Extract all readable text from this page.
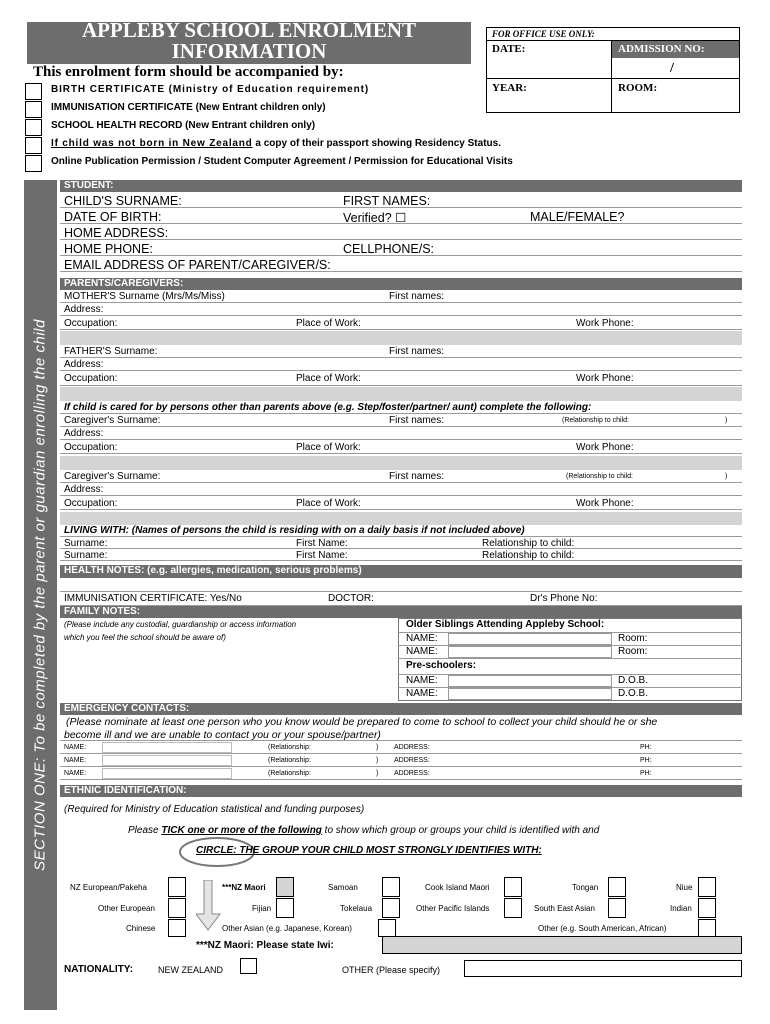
APPLEBY SCHOOL ENROLMENT
INFORMATION
This enrolment form should be accompanied by:
BIRTH CERTIFICATE (Ministry of Education requirement)
IMMUNISATION CERTIFICATE (New Entrant children only)
SCHOOL HEALTH RECORD (New Entrant children only)
If child was not born in New Zealand a copy of their passport showing Residency Status.
Online Publication Permission / Student Computer Agreement / Permission for Educational Visits
FOR OFFICE USE ONLY:
DATE:	ADMISSION NO:
/
YEAR:	ROOM:
SECTION ONE: To be completed by the parent or guardian enrolling the child
STUDENT:
CHILD'S SURNAME:	FIRST NAMES:
DATE OF BIRTH:	Verified? ☐	MALE/FEMALE?
HOME ADDRESS:
HOME PHONE:	CELLPHONE/S:
EMAIL ADDRESS OF PARENT/CAREGIVER/S:
PARENTS/CAREGIVERS:
MOTHER'S Surname (Mrs/Ms/Miss)	First names:
Address:
Occupation:	Place of Work:	Work Phone:
FATHER'S Surname:	First names:
Address:
Occupation:	Place of Work:	Work Phone:
If child is cared for by persons other than parents above (e.g. Step/foster/partner/ aunt) complete the following:
Caregiver's Surname:	First names:	(Relationship to child:	)
Address:
Occupation:	Place of Work:	Work Phone:
Caregiver's Surname:	First names:	(Relationship to child:	)
Address:
Occupation:	Place of Work:	Work Phone:
LIVING WITH: (Names of persons the child is residing with on a daily basis if not included above)
Surname:	First Name:	Relationship to child:
Surname:	First Name:	Relationship to child:
HEALTH NOTES: (e.g. allergies, medication, serious problems)
IMMUNISATION CERTIFICATE: Yes/No	DOCTOR:	Dr's Phone No:
FAMILY NOTES:
(Please include any custodial, guardianship or access information
which you feel the school should be aware of)
Older Siblings Attending Appleby School:
NAME:	Room:
NAME:	Room:
Pre-schoolers:
NAME:	D.O.B.
NAME:	D.O.B.
EMERGENCY CONTACTS:
(Please nominate at least one person who you know would be prepared to come to school to collect your child should he or she
become ill and we are unable to contact you or your spouse/partner)
NAME:	(Relationship:	) ADDRESS:	PH:
NAME:	(Relationship:	) ADDRESS:	PH:
NAME:	(Relationship:	) ADDRESS:	PH:
ETHNIC IDENTIFICATION:
(Required for Ministry of Education statistical and funding purposes)
Please TICK one or more of the following to show which group or groups your child is identified with and
CIRCLE: THE GROUP YOUR CHILD MOST STRONGLY IDENTIFIES WITH:
NZ European/Pakeha	***NZ Maori	Samoan	Cook Island Maori	Tongan	Niue
Other European	Fijian	Tokelaua	Other Pacific Islands	South East Asian	Indian
Chinese	Other Asian (e.g. Japanese, Korean)	Other (e.g. South American, African)
***NZ Maori: Please state Iwi:
NATIONALITY:	NEW ZEALAND	OTHER (Please specify)
